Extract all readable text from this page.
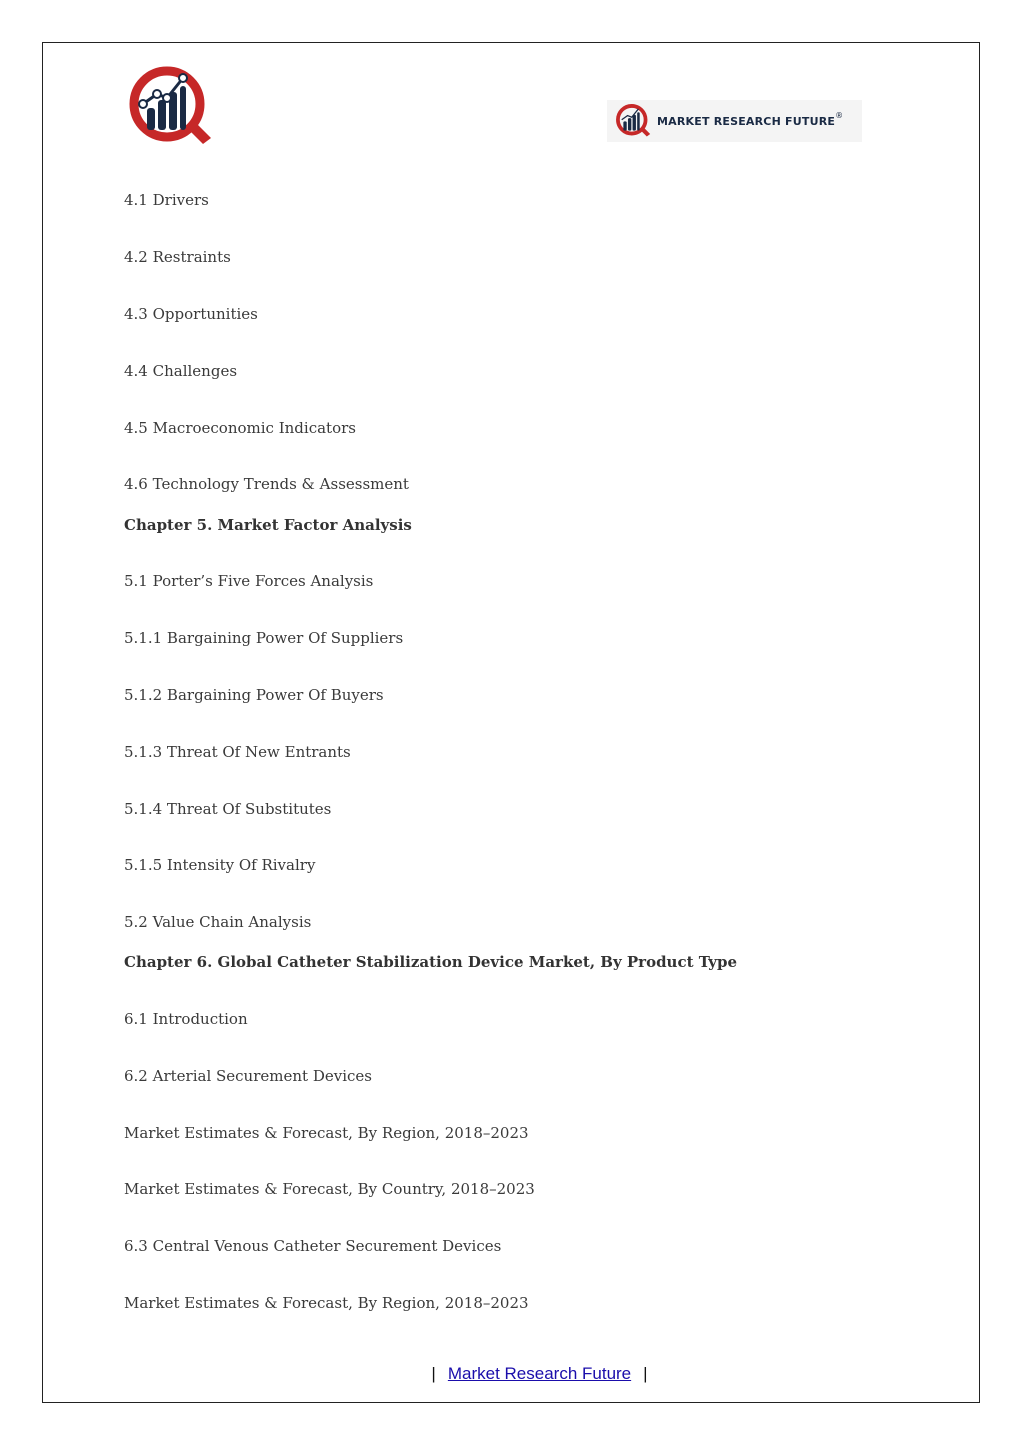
MARKET RESEARCH FUTURE ®
4.1 Drivers
4.2 Restraints
4.3 Opportunities
4.4 Challenges
4.5 Macroeconomic Indicators
4.6 Technology Trends & Assessment
Chapter 5. Market Factor Analysis
5.1 Porter’s Five Forces Analysis
5.1.1 Bargaining Power Of Suppliers
5.1.2 Bargaining Power Of Buyers
5.1.3 Threat Of New Entrants
5.1.4 Threat Of Substitutes
5.1.5 Intensity Of Rivalry
5.2 Value Chain Analysis
Chapter 6. Global Catheter Stabilization Device Market, By Product Type
6.1 Introduction
6.2 Arterial Securement Devices
Market Estimates & Forecast, By Region, 2018–2023
Market Estimates & Forecast, By Country, 2018–2023
6.3 Central Venous Catheter Securement Devices
Market Estimates & Forecast, By Region, 2018–2023
| Market Research Future |
